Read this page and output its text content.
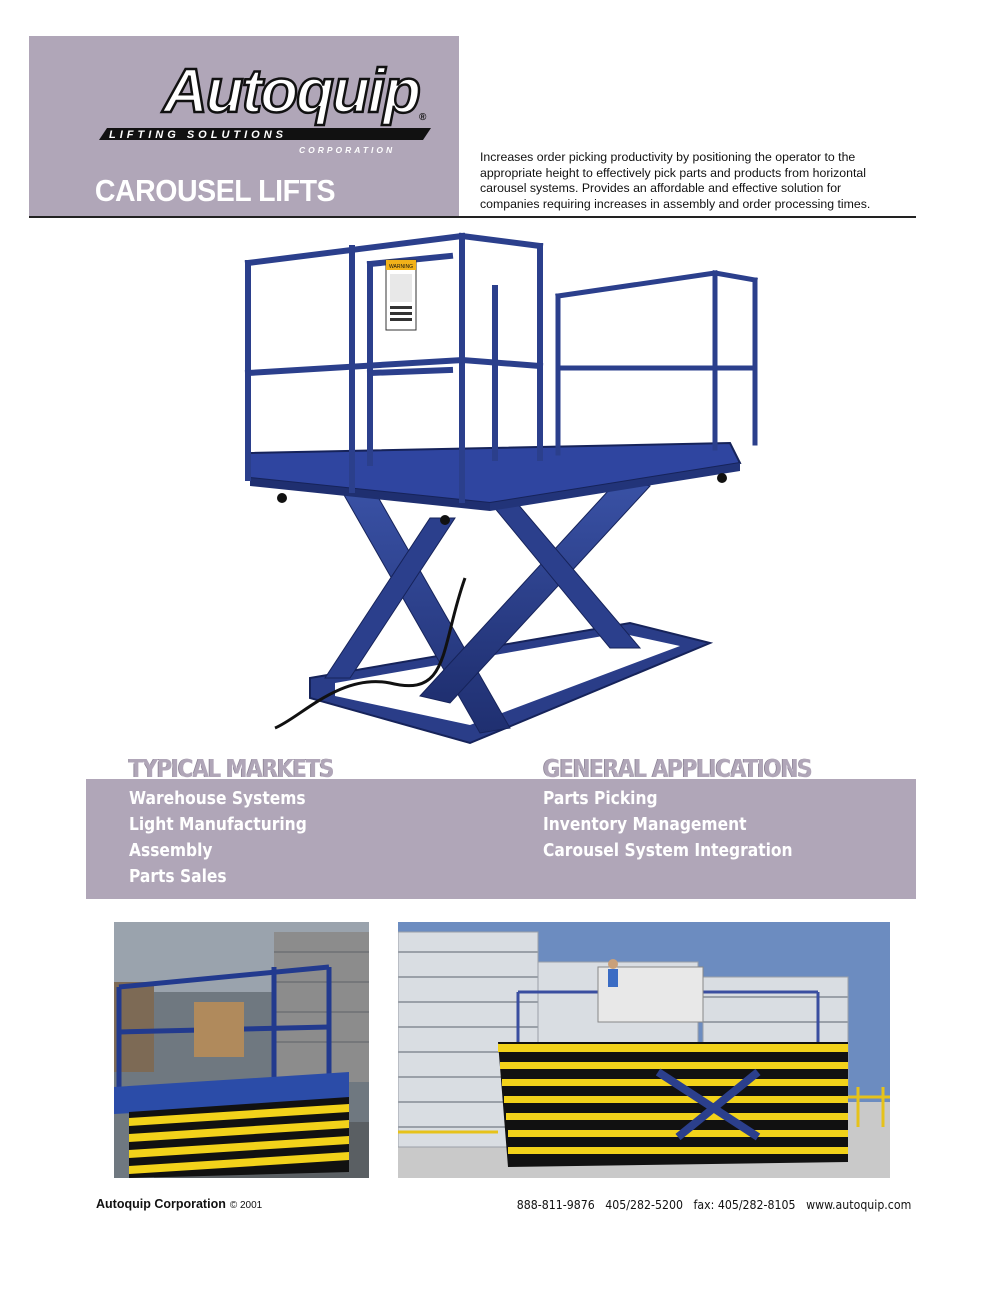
LIFTING SOLUTIONS
Autoquip ®
CORPORATION
CAROUSEL LIFTS
Increases order picking productivity by positioning the operator to the appropriate height to effectively pick parts and products from horizontal carousel systems. Provides an affordable and effective solution for companies requiring increases in assembly and order processing times.
WARNING
TYPICAL MARKETS	GENERAL APPLICATIONS
Warehouse Systems
Light Manufacturing
Assembly
Parts Sales
Parts Picking
Inventory Management
Carousel System Integration
Autoquip Corporation © 2001	888-811-9876 405/282-5200 fax: 405/282-8105 www.autoquip.com
